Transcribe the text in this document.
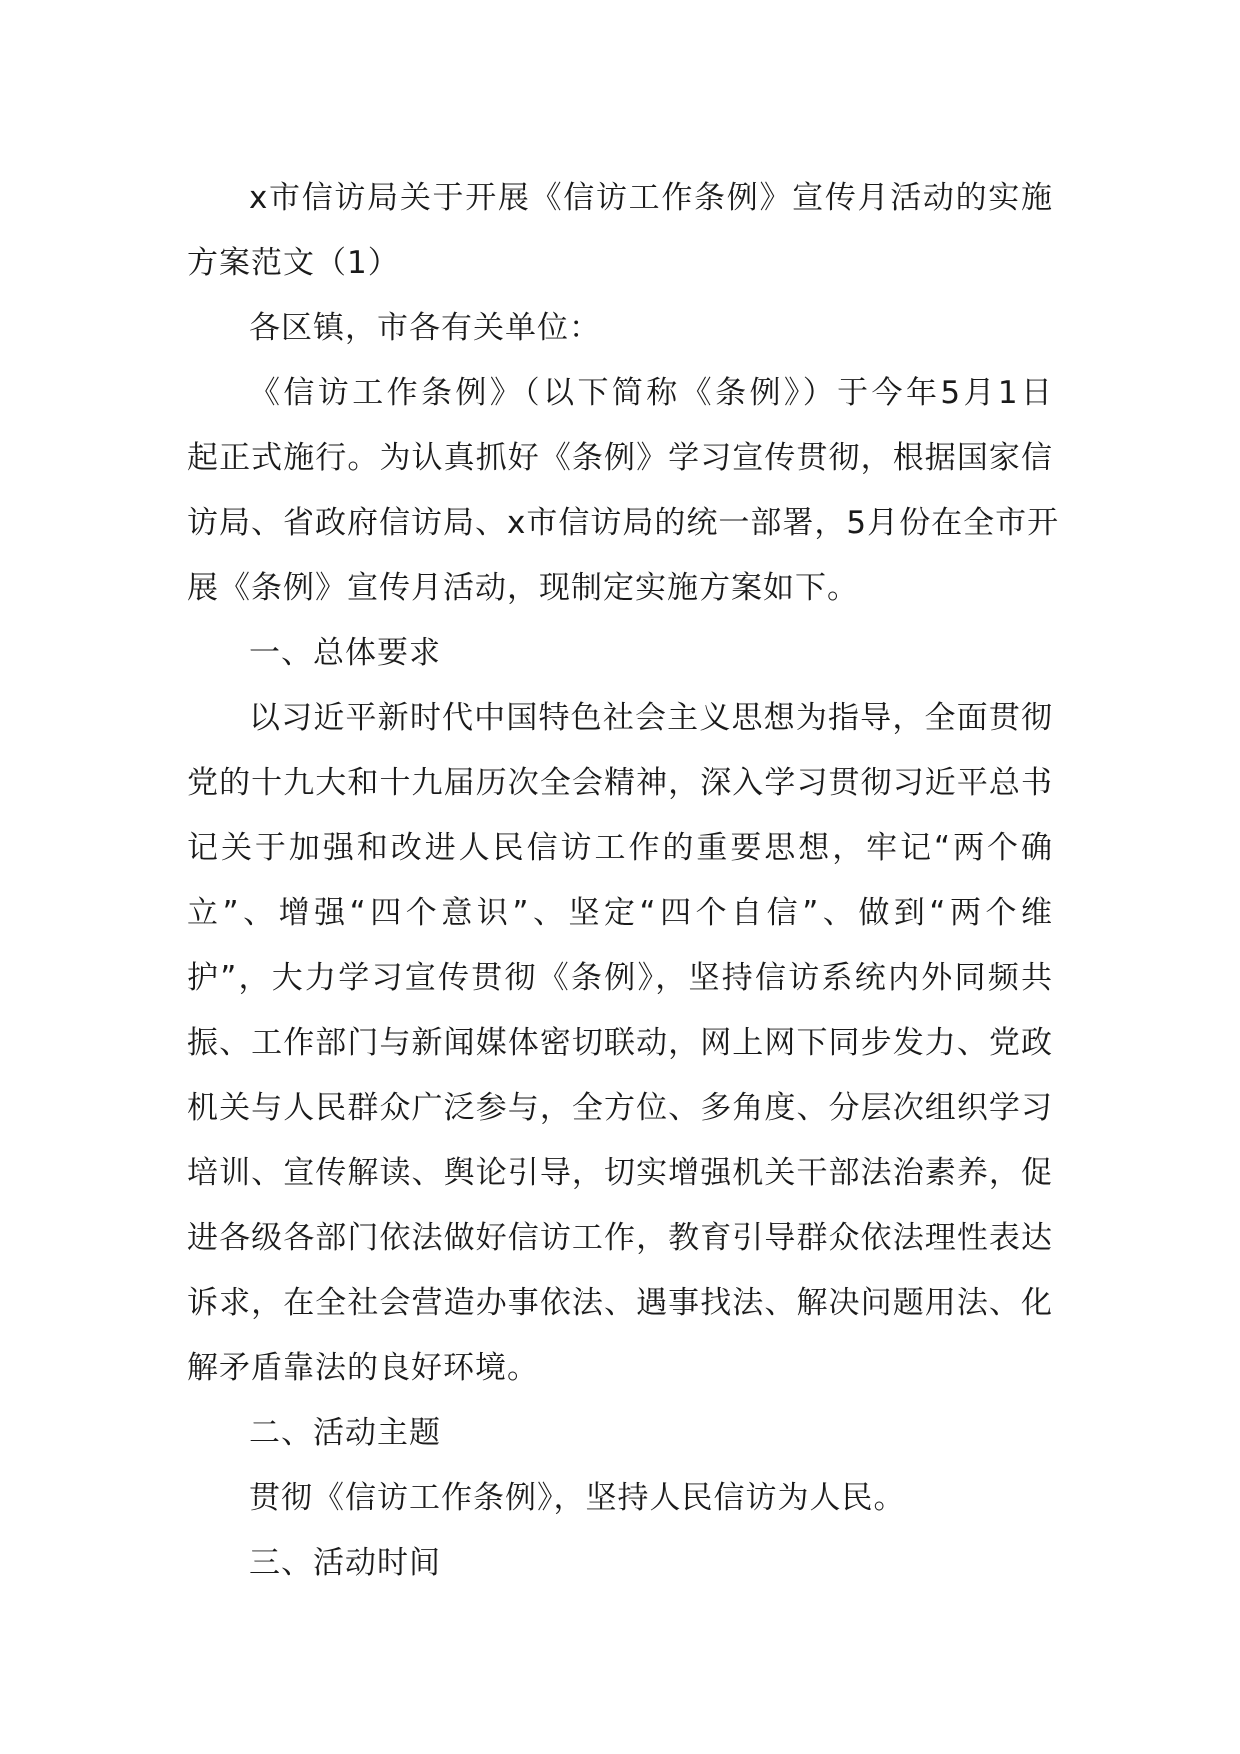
x市信访局关于开展《信访工作条例》宣传月活动的实施
方案范文（1）
各区镇，市各有关单位：
《信访工作条例》（以下简称《条例》）于今年5月1日
起正式施行。为认真抓好《条例》学习宣传贯彻，根据国家信
访局、省政府信访局、x市信访局的统一部署，5月份在全市开
展《条例》宣传月活动，现制定实施方案如下。
一、总体要求
以习近平新时代中国特色社会主义思想为指导，全面贯彻
党的十九大和十九届历次全会精神，深入学习贯彻习近平总书
记关于加强和改进人民信访工作的重要思想，牢记“两个确
立”、增强“四个意识”、坚定“四个自信”、做到“两个维
护”，大力学习宣传贯彻《条例》，坚持信访系统内外同频共
振、工作部门与新闻媒体密切联动，网上网下同步发力、党政
机关与人民群众广泛参与，全方位、多角度、分层次组织学习
培训、宣传解读、舆论引导，切实增强机关干部法治素养，促
进各级各部门依法做好信访工作，教育引导群众依法理性表达
诉求，在全社会营造办事依法、遇事找法、解决问题用法、化
解矛盾靠法的良好环境。
二、活动主题
贯彻《信访工作条例》，坚持人民信访为人民。
三、活动时间
